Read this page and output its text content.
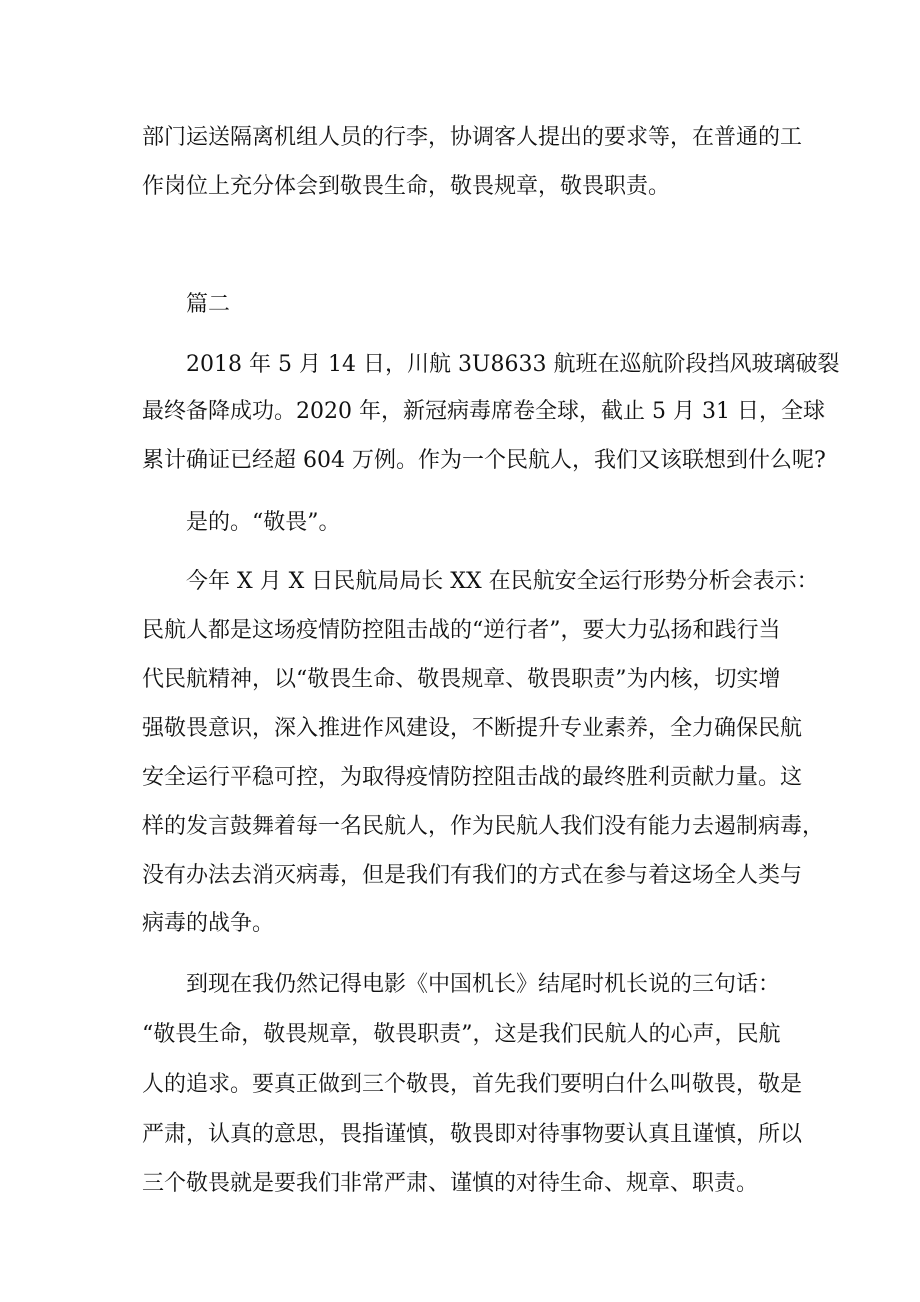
部门运送隔离机组人员的行李，协调客人提出的要求等，在普通的工
作岗位上充分体会到敬畏生命，敬畏规章，敬畏职责。
篇二
2018 年 5 月 14 日，川航 3U8633 航班在巡航阶段挡风玻璃破裂
最终备降成功。2020 年，新冠病毒席卷全球，截止 5 月 31 日，全球
累计确证已经超 604 万例。作为一个民航人，我们又该联想到什么呢?
是的。“敬畏”。
今年 X 月 X 日民航局局长 XX 在民航安全运行形势分析会表示：
民航人都是这场疫情防控阻击战的“逆行者”，要大力弘扬和践行当
代民航精神，以“敬畏生命、敬畏规章、敬畏职责”为内核，切实增
强敬畏意识，深入推进作风建设，不断提升专业素养，全力确保民航
安全运行平稳可控，为取得疫情防控阻击战的最终胜利贡献力量。这
样的发言鼓舞着每一名民航人，作为民航人我们没有能力去遏制病毒，
没有办法去消灭病毒，但是我们有我们的方式在参与着这场全人类与
病毒的战争。
到现在我仍然记得电影《中国机长》结尾时机长说的三句话：
“敬畏生命，敬畏规章，敬畏职责”，这是我们民航人的心声，民航
人的追求。要真正做到三个敬畏，首先我们要明白什么叫敬畏，敬是
严肃，认真的意思，畏指谨慎，敬畏即对待事物要认真且谨慎，所以
三个敬畏就是要我们非常严肃、谨慎的对待生命、规章、职责。
